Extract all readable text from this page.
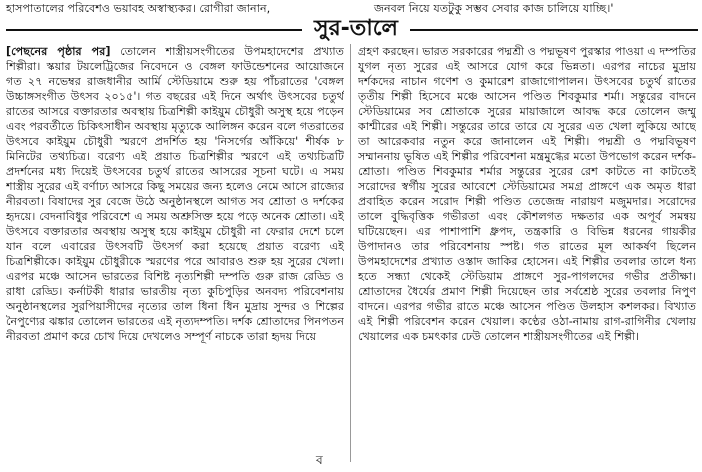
হাসপাতালের পরিবেশও ভয়াবহ অস্বাস্থ্যকর। রোগীরা জানান,	জনবল নিয়ে যতটুকু সম্ভব সেবার কাজ চালিয়ে যাচ্ছি।'
সুর-তালে

[পেছনের পৃষ্ঠার পর] তোলেন শাস্ত্রীয়সংগীতের উপমহাদেশের প্রখ্যাত শিল্পীরা। স্কয়ার টয়লেট্রিজের নিবেদনে ও বেঙ্গল ফাউন্ডেশনের আয়োজনে গত ২৭ নভেম্বর রাজধানীর আর্মি স্টেডিয়ামে শুরু হয় পাঁচরাতের 'বেঙ্গল উচ্চাঙ্গসংগীত উৎসব ২০১৫'। গত বছরের এই দিনে অর্থাৎ উৎসবের চতুর্থ রাতের আসরে বক্তারতার অবস্থায় চিত্রশিল্পী কাইয়ুম চৌধুরী অসুস্থ হয়ে পড়েন এবং পরবর্তীতে চিকিৎসাধীন অবস্থায় মৃত্যুকে আলিঙ্গন করেন বলে গতরাতের উৎসবে কাইয়ুম চৌধুরী স্মরণে প্রদর্শিত হয় 'নিসর্গের আঁকিয়ে' শীর্ষক ৮ মিনিটের তথ্যচিত্র। বরেণ্য এই প্রয়াত চিত্রশিল্পীর স্মরণে এই তথ্যচিত্রটি প্রদর্শনের মধ্য দিয়েই উৎসবের চতুর্থ রাতের আসরের সূচনা ঘটে। এ সময় শাস্ত্রীয় সুরের এই বর্ণাঢ্য আসরে কিছু সময়ের জন্য হলেও নেমে আসে রাজ্যের নীরবতা। বিষাদের সুর বেজে উঠে অনুষ্ঠানস্থলে আগত সব শ্রোতা ও দর্শকের হৃদয়ে। বেদনাবিধুর পরিবেশে এ সময় অশ্রুসিক্ত হয়ে পড়ে অনেক শ্রোতা। এই উৎসবে বক্তারতার অবস্থায় অসুস্থ হয়ে কাইয়ুম চৌধুরী না ফেরার দেশে চলে যান বলে এবারের উৎসবটি উৎসর্গ করা হয়েছে প্রয়াত বরেণ্য এই চিত্রশিল্পীকে। কাইয়ুম চৌধুরীকে স্মরণের পরে আবারও শুরু হয় সুরের খেলা। এরপর মঞ্চে আসেন ভারতের বিশিষ্ট নৃত্যশিল্পী দম্পতি গুরু রাজ রেড্ডি ও রাধা রেড্ডি। কর্নাটকী ধারার ভারতীয় নৃত্য কুচিপুড়ির অনবদ্য পরিবেশনায় অনুষ্ঠানস্থলের সুরপিয়াসীদের নৃত্যের তাল ধিনা ধিন মুদ্রায় সুন্দর ও শিল্পের নৈপুণ্যের ঝঙ্কার তোলেন ভারতের এই নৃত্যদম্পতি। দর্শক শ্রোতাদের পিনপতন নীরবতা প্রমাণ করে চোখ দিয়ে দেখলেও সম্পূর্ণ নাচকে তারা হৃদয় দিয়ে

গ্রহণ করছেন। ভারত সরকারের পদ্মশ্রী ও পদ্মভূষণ পুরস্কার পাওয়া এ দম্পতির যুগল নৃত্য সুরের এই আসরে যোগ করে ভিন্নতা। এরপর নাচের মুদ্রায় দর্শকদের নাচান গণেশ ও কুমারেশ রাজাগোপালন। উৎসবের চতুর্থ রাতের তৃতীয় শিল্পী হিসেবে মঞ্চে আসেন পণ্ডিত শিবকুমার শর্মা। সন্তুরের বাদনে স্টেডিয়ামের সব শ্রোতাকে সুরের মায়াজালে আবদ্ধ করে তোলেন জম্মু কাশ্মীরের এই শিল্পী। সন্তুরের তারে তারে যে সুরের এত খেলা লুকিয়ে আছে তা আরেকবার নতুন করে জানালেন এই শিল্পী। পদ্মশ্রী ও পদ্মবিভূষণ সম্মাননায় ভূষিত এই শিল্পীর পরিবেশনা মন্ত্রমুগ্ধের মতো উপভোগ করেন দর্শক-শ্রোতা। পণ্ডিত শিবকুমার শর্মার সন্তুরের সুরের রেশ কাটতে না কাটতেই সরোদের স্বর্গীয় সুরের আবেশে স্টেডিয়ামের সমগ্র প্রাঙ্গণে এক অমৃত ধারা প্রবাহিত করেন সরোদ শিল্পী পণ্ডিত তেজেন্দ্র নারায়ণ মজুমদার। সরোদের তালে বুদ্ধিবৃত্তিক গভীরতা এবং কৌশলগত দক্ষতার এক অপূর্ব সমন্বয় ঘটিয়েছেন। এর পাশাপাশি ধ্রুপদ, তন্ত্রকারি ও বিভিন্ন ধরনের গায়কীর উপাদানও তার পরিবেশনায় স্পষ্ট। গত রাতের মূল আকর্ষণ ছিলেন উপমহাদেশের প্রখ্যাত ওস্তাদ জাকির হোসেন। এই শিল্পীর তবলার তালে ধন্য হতে সন্ধ্যা থেকেই স্টেডিয়াম প্রাঙ্গণে সুর-পাগলদের গভীর প্রতীক্ষা। শ্রোতাদের ধৈর্যের প্রমাণ শিল্পী দিয়েছেন তার সর্বশ্রেষ্ঠ সুরের তবলার নিপুণ বাদনে। এরপর গভীর রাতে মঞ্চে আসেন পণ্ডিত উলহাস কশলকর। বিখ্যাত এই শিল্পী পরিবেশন করেন খেয়াল। কণ্ঠের ওঠা-নামায় রাগ-রাগিনীর খেলায় খেয়ালের এক চমৎকার ঢেউ তোলেন শাস্ত্রীয়সংগীতের এই শিল্পী।

ব
